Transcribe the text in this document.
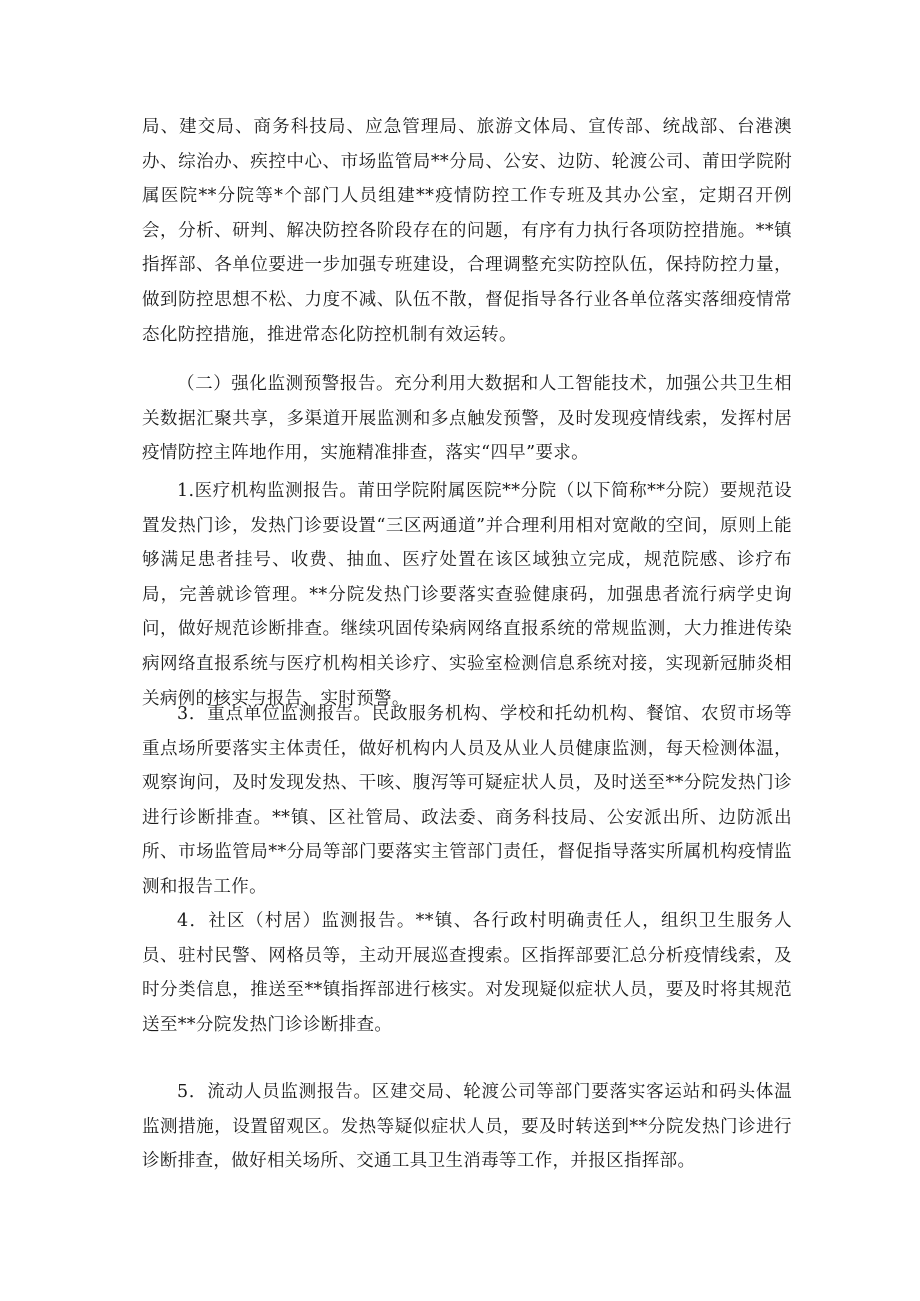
局、建交局、商务科技局、应急管理局、旅游文体局、宣传部、统战部、台港澳办、综治办、疾控中心、市场监管局**分局、公安、边防、轮渡公司、莆田学院附属医院**分院等*个部门人员组建**疫情防控工作专班及其办公室，定期召开例会，分析、研判、解决防控各阶段存在的问题，有序有力执行各项防控措施。**镇指挥部、各单位要进一步加强专班建设，合理调整充实防控队伍，保持防控力量，做到防控思想不松、力度不减、队伍不散，督促指导各行业各单位落实落细疫情常态化防控措施，推进常态化防控机制有效运转。

（二）强化监测预警报告。充分利用大数据和人工智能技术，加强公共卫生相关数据汇聚共享，多渠道开展监测和多点触发预警，及时发现疫情线索，发挥村居疫情防控主阵地作用，实施精准排查，落实“四早”要求。

1.医疗机构监测报告。莆田学院附属医院**分院（以下简称**分院）要规范设置发热门诊，发热门诊要设置“三区两通道”并合理利用相对宽敞的空间，原则上能够满足患者挂号、收费、抽血、医疗处置在该区域独立完成，规范院感、诊疗布局，完善就诊管理。**分院发热门诊要落实查验健康码，加强患者流行病学史询问，做好规范诊断排查。继续巩固传染病网络直报系统的常规监测，大力推进传染病网络直报系统与医疗机构相关诊疗、实验室检测信息系统对接，实现新冠肺炎相关病例的核实与报告、实时预警。

3．重点单位监测报告。民政服务机构、学校和托幼机构、餐馆、农贸市场等重点场所要落实主体责任，做好机构内人员及从业人员健康监测，每天检测体温，观察询问，及时发现发热、干咳、腹泻等可疑症状人员，及时送至**分院发热门诊进行诊断排查。**镇、区社管局、政法委、商务科技局、公安派出所、边防派出所、市场监管局**分局等部门要落实主管部门责任，督促指导落实所属机构疫情监测和报告工作。

4．社区（村居）监测报告。**镇、各行政村明确责任人，组织卫生服务人员、驻村民警、网格员等，主动开展巡查搜索。区指挥部要汇总分析疫情线索，及时分类信息，推送至**镇指挥部进行核实。对发现疑似症状人员，要及时将其规范送至**分院发热门诊诊断排查。

5．流动人员监测报告。区建交局、轮渡公司等部门要落实客运站和码头体温监测措施，设置留观区。发热等疑似症状人员，要及时转送到**分院发热门诊进行诊断排查，做好相关场所、交通工具卫生消毒等工作，并报区指挥部。
